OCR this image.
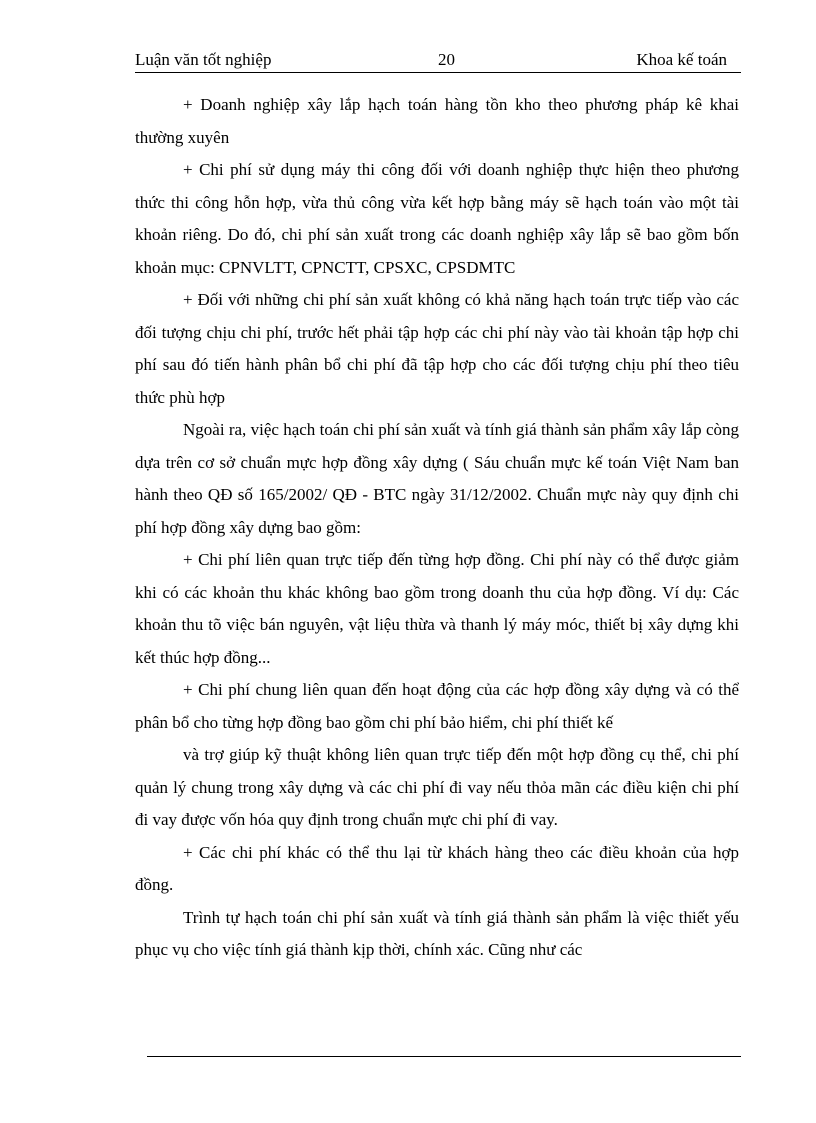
Luận văn tốt nghiệp	20	Khoa kế toán

+ Doanh nghiệp xây lắp hạch toán hàng tồn kho theo phương pháp kê khai thường xuyên

+ Chi phí sử dụng máy thi công đối với doanh nghiệp thực hiện theo phương thức thi công hỗn hợp, vừa thủ công vừa kết hợp bằng máy sẽ hạch toán vào một tài khoản riêng. Do đó, chi phí sản xuất trong các doanh nghiệp xây lắp sẽ bao gồm bốn khoản mục: CPNVLTT, CPNCTT, CPSXC, CPSDMTC

+ Đối với những chi phí sản xuất không có khả năng hạch toán trực tiếp vào các đối tượng chịu chi phí, trước hết phải tập hợp các chi phí này vào tài khoản tập hợp chi phí sau đó tiến hành phân bổ chi phí đã tập hợp cho các đối tượng chịu phí theo tiêu thức phù hợp

Ngoài ra, việc hạch toán chi phí sản xuất và tính giá thành sản phẩm xây lắp còng dựa trên cơ sở chuẩn mực hợp đồng xây dựng ( Sáu chuẩn mực kế toán Việt Nam ban hành theo QĐ số 165/2002/ QĐ - BTC ngày 31/12/2002. Chuẩn mực này quy định chi phí hợp đồng xây dựng bao gồm:

+ Chi phí liên quan trực tiếp đến từng hợp đồng. Chi phí này có thể được giảm khi có các khoản thu khác không bao gồm trong doanh thu của hợp đồng. Ví dụ: Các khoản thu tõ việc bán nguyên, vật liệu thừa và thanh lý máy móc, thiết bị xây dựng khi kết thúc hợp đồng...

+ Chi phí chung liên quan đến hoạt động của các hợp đồng xây dựng và có thể phân bổ cho từng hợp đồng bao gồm chi phí bảo hiểm, chi phí thiết kế

và trợ giúp kỹ thuật không liên quan trực tiếp đến một hợp đồng cụ thể, chi phí quản lý chung trong xây dựng và các chi phí đi vay nếu thỏa mãn các điều kiện chi phí đi vay được vốn hóa quy định trong chuẩn mực chi phí đi vay.

+ Các chi phí khác có thể thu lại từ khách hàng theo các điều khoản của hợp đồng.

Trình tự hạch toán chi phí sản xuất và tính giá thành sản phẩm là việc thiết yếu phục vụ cho việc tính giá thành kịp thời, chính xác. Cũng như các
